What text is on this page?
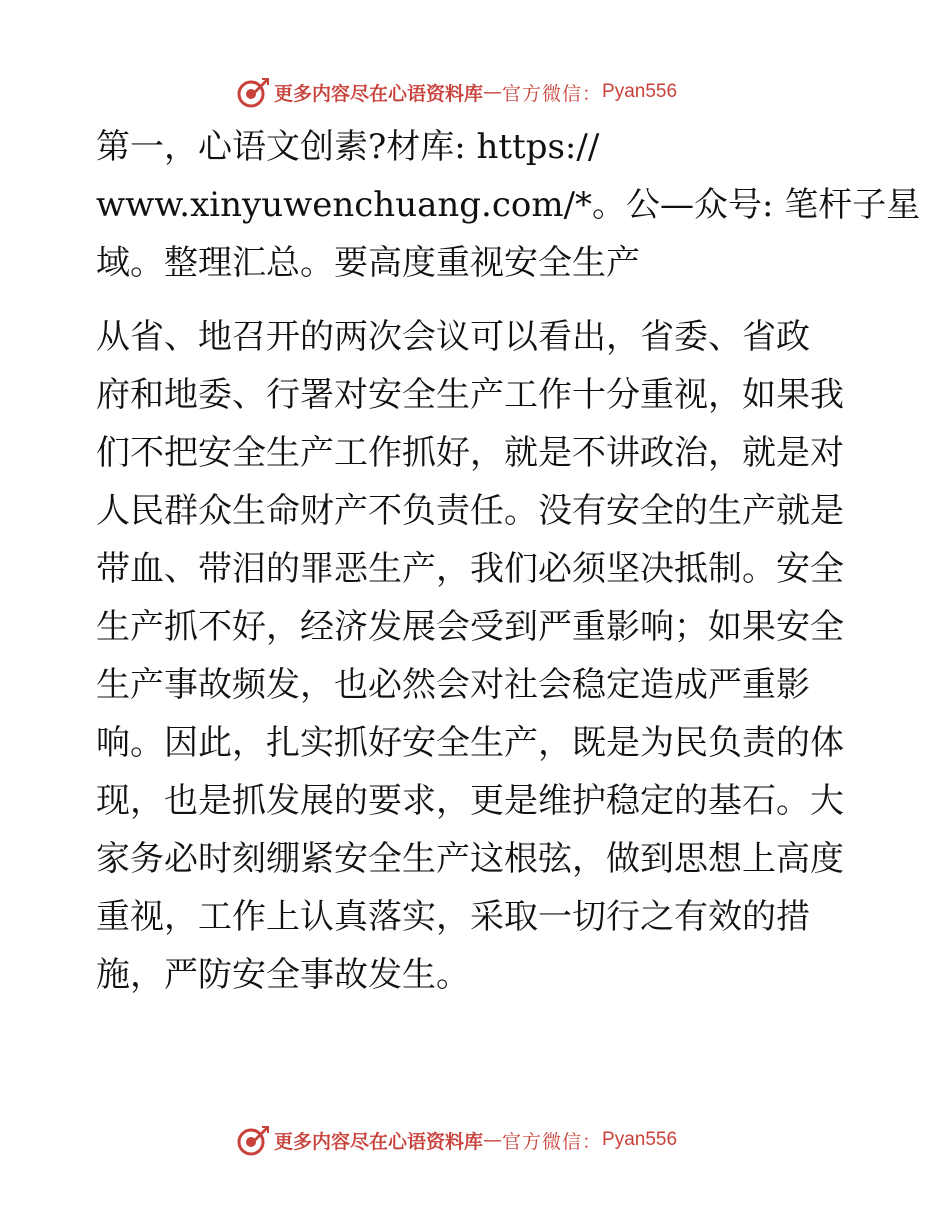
更多内容尽在心语资料库 — 官方微信： Pyan556
第一，心语文创素?材库: https://
www.xinyuwenchuang.com/*。公—众号: 笔杆子星
域。整理汇总。要高度重视安全生产
从省、地召开的两次会议可以看出，省委、省政
府和地委、行署对安全生产工作十分重视，如果我
们不把安全生产工作抓好，就是不讲政治，就是对
人民群众生命财产不负责任。没有安全的生产就是
带血、带泪的罪恶生产，我们必须坚决抵制。安全
生产抓不好，经济发展会受到严重影响；如果安全
生产事故频发，也必然会对社会稳定造成严重影
响。因此，扎实抓好安全生产，既是为民负责的体
现，也是抓发展的要求，更是维护稳定的基石。大
家务必时刻绷紧安全生产这根弦，做到思想上高度
重视，工作上认真落实，采取一切行之有效的措
施，严防安全事故发生。
更多内容尽在心语资料库 — 官方微信： Pyan556
